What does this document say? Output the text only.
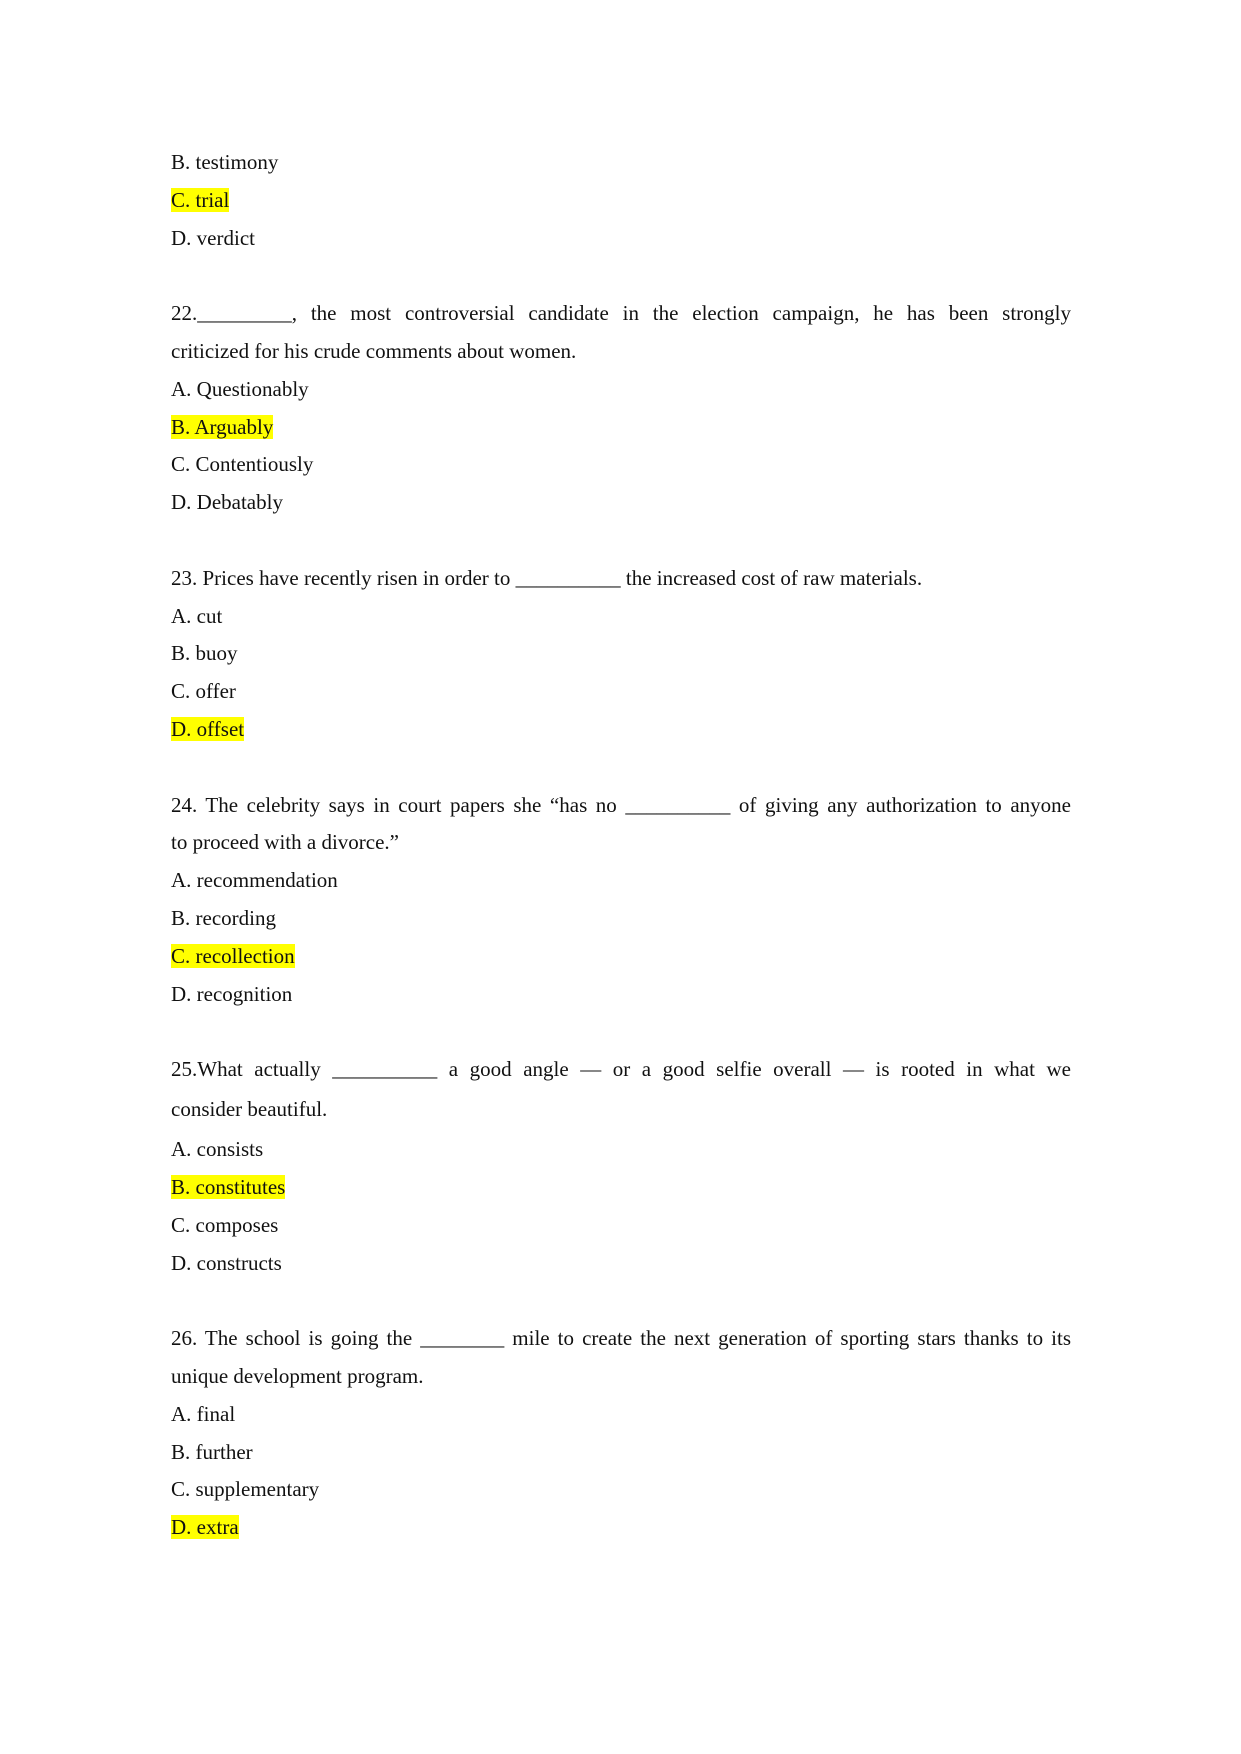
B. testimony

C. trial

D. verdict

22._________, the most controversial candidate in the election campaign, he has been strongly

criticized for his crude comments about women.

A. Questionably

B. Arguably

C. Contentiously

D. Debatably

23. Prices have recently risen in order to __________ the increased cost of raw materials.

A. cut

B. buoy

C. offer

D. offset

24. The celebrity says in court papers she “has no __________ of giving any authorization to anyone

to proceed with a divorce.”

A. recommendation

B. recording

C. recollection

D. recognition

25.What actually __________ a good angle — or a good selfie overall — is rooted in what we

consider beautiful.

A. consists

B. constitutes

C. composes

D. constructs

26. The school is going the ________ mile to create the next generation of sporting stars thanks to its

unique development program.

A. final

B. further

C. supplementary

D. extra
